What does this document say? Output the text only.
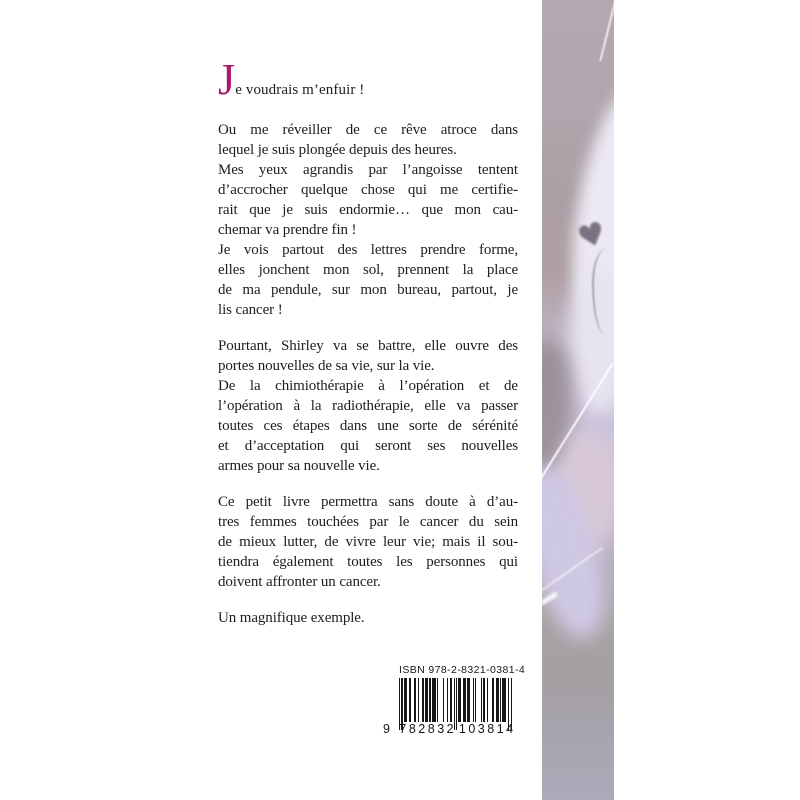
Je voudrais m’enfuir !
Ou me réveiller de ce rêve atroce dans
lequel je suis plongée depuis des heures.
Mes yeux agrandis par l’angoisse tentent
d’accrocher quelque chose qui me certifie-
rait que je suis endormie… que mon cau-
chemar va prendre fin !
Je vois partout des lettres prendre forme,
elles jonchent mon sol, prennent la place
de ma pendule, sur mon bureau, partout, je
lis cancer !
Pourtant, Shirley va se battre, elle ouvre des
portes nouvelles de sa vie, sur la vie.
De la chimiothérapie à l’opération et de
l’opération à la radiothérapie, elle va passer
toutes ces étapes dans une sorte de sérénité
et d’acceptation qui seront ses nouvelles
armes pour sa nouvelle vie.
Ce petit livre permettra sans doute à d’au-
tres femmes touchées par le cancer du sein
de mieux lutter, de vivre leur vie; mais il sou-
tiendra également toutes les personnes qui
doivent affronter un cancer.
Un magnifique exemple.
♥
ISBN 978-2-8321-0381-4
9 782832 103814
